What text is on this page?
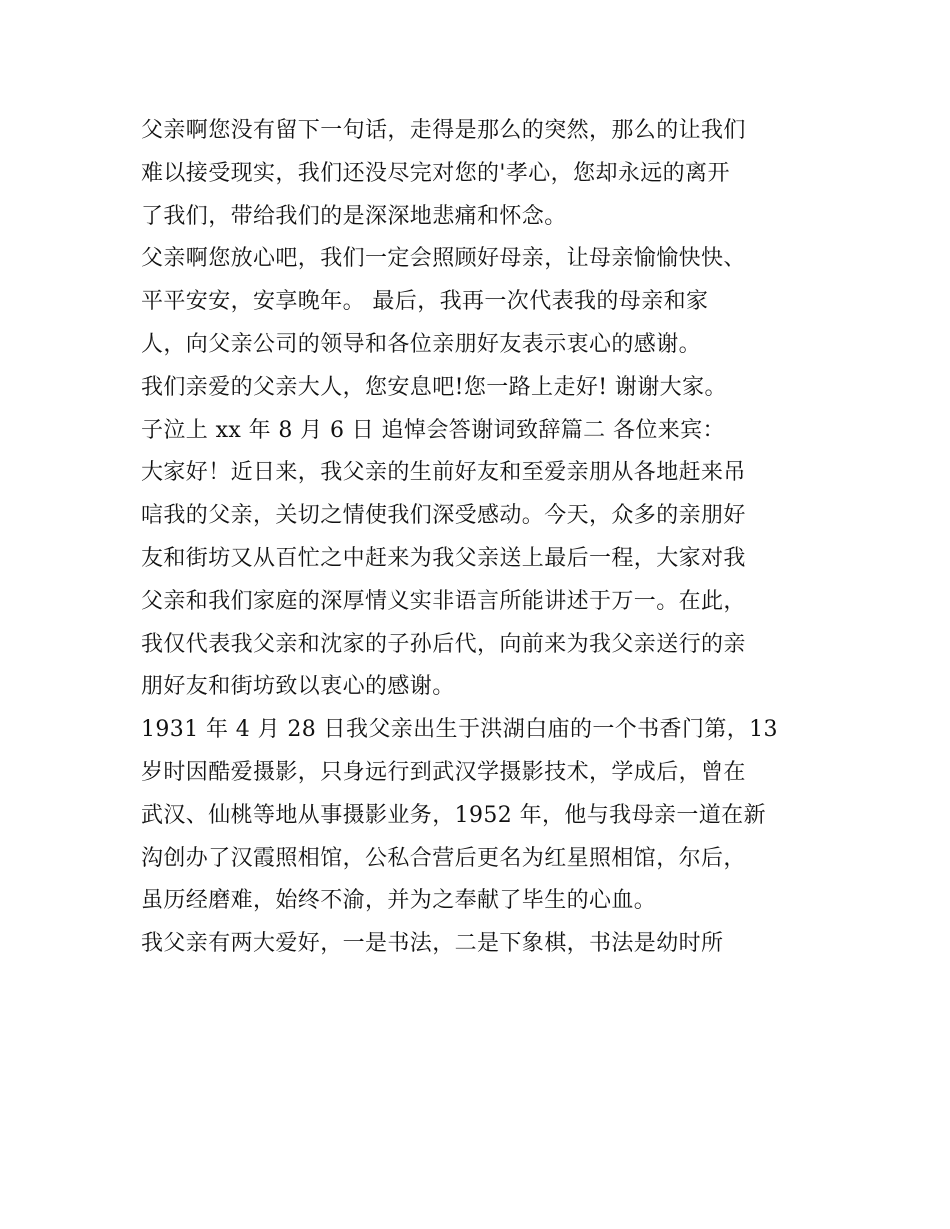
父亲啊您没有留下一句话，走得是那么的突然，那么的让我们
难以接受现实，我们还没尽完对您的'孝心，您却永远的离开
了我们，带给我们的是深深地悲痛和怀念。
父亲啊您放心吧，我们一定会照顾好母亲，让母亲愉愉快快、
平平安安，安享晚年。 最后，我再一次代表我的母亲和家
人，向父亲公司的领导和各位亲朋好友表示衷心的感谢。
我们亲爱的父亲大人，您安息吧!您一路上走好! 谢谢大家。
子泣上 xx 年 8 月 6 日 追悼会答谢词致辞篇二 各位来宾：
大家好！近日来，我父亲的生前好友和至爱亲朋从各地赶来吊
唁我的父亲，关切之情使我们深受感动。今天，众多的亲朋好
友和街坊又从百忙之中赶来为我父亲送上最后一程，大家对我
父亲和我们家庭的深厚情义实非语言所能讲述于万一。在此，
我仅代表我父亲和沈家的子孙后代，向前来为我父亲送行的亲
朋好友和街坊致以衷心的感谢。
1931 年 4 月 28 日我父亲出生于洪湖白庙的一个书香门第，13
岁时因酷爱摄影，只身远行到武汉学摄影技术，学成后，曾在
武汉、仙桃等地从事摄影业务，1952 年，他与我母亲一道在新
沟创办了汉霞照相馆，公私合营后更名为红星照相馆，尔后，
虽历经磨难，始终不渝，并为之奉献了毕生的心血。
我父亲有两大爱好，一是书法，二是下象棋，书法是幼时所
